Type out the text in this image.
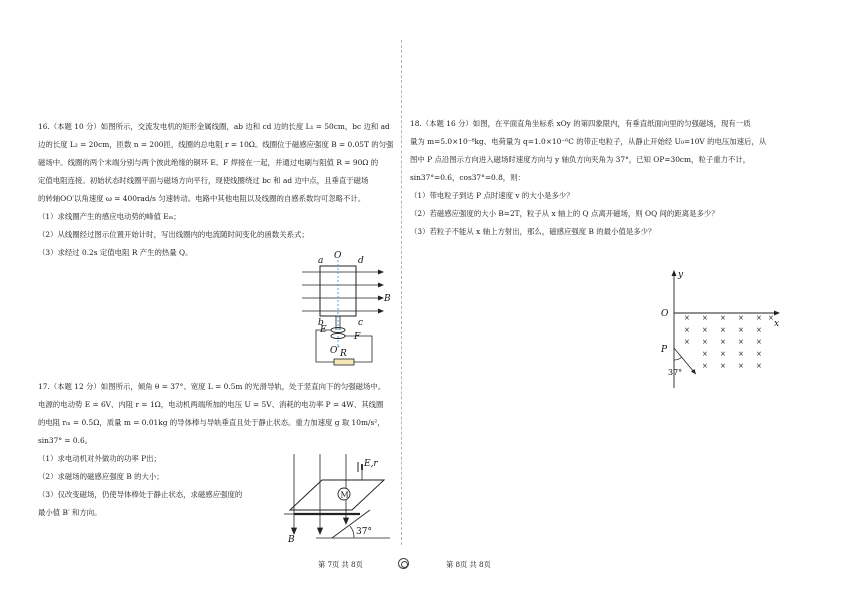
16.（本题 10 分）如图所示，交流发电机的矩形金属线圈，ab 边和 cd 边的长度 L₁ = 50cm，bc 边和 ad

边的长度 L₂ = 20cm，匝数 n = 200匝，线圈的总电阻 r = 10Ω。线圈位于磁感应强度 B = 0.05T 的匀强

磁场中。线圈的两个末端分别与两个彼此绝缘的铜环 E、F 焊接在一起，并通过电刷与阻值 R = 90Ω 的

定值电阻连接。初始状态时线圈平面与磁场方向平行，现使线圈绕过 bc 和 ad 边中点，且垂直于磁场

的转轴OO′以角速度 ω = 400rad/s 匀速转动。电路中其他电阻以及线圈的自感系数均可忽略不计。

（1）求线圈产生的感应电动势的峰值 Eₘ；

（2）从线圈经过图示位置开始计时，写出线圈内的电流随时间变化的函数关系式；

（3）求经过 0.2s 定值电阻 R 产生的热量 Q。

17.（本题 12 分）如图所示，倾角 θ = 37°、宽度 L = 0.5m 的光滑导轨，处于竖直向下的匀强磁场中。

电源的电动势 E = 6V、内阻 r = 1Ω，电动机两端所加的电压 U = 5V、消耗的电功率 P = 4W、其线圈

的电阻 rₘ = 0.5Ω，质量 m = 0.01kg 的导体棒与导轨垂直且处于静止状态。重力加速度 g 取 10m/s²，

sin37° = 0.6。

（1）求电动机对外做功的功率 P出；

（2）求磁场的磁感应强度 B 的大小；

（3）仅改变磁场，仍使导体棒处于静止状态，求磁感应强度的

最小值 B′ 和方向。

18.（本题 16 分）如图，在平面直角坐标系 xOy 的第四象限内，有垂直纸面向里的匀强磁场，现有一质

量为 m=5.0×10⁻⁸kg、电荷量为 q=1.0×10⁻⁶C 的带正电粒子，从静止开始经 U₀=10V 的电压加速后，从

图中 P 点沿图示方向进入磁场时速度方向与 y 轴负方向夹角为 37°，已知 OP=30cm，粒子重力不计，

sin37°=0.6，cos37°=0.8，则：

（1）带电粒子到达 P 点时速度 v 的大小是多少？

（2）若磁感应强度的大小 B=2T，粒子从 x 轴上的 Q 点离开磁场，则 OQ 间的距离是多少？

（3）若粒子不能从 x 轴上方射出，那么，磁感应强度 B 的最小值是多少？

a	d
O
b	c
B
E
F
O′ R
M
E,r
37°
B
y
x
O
P
× × × × × ×
× × × × ×
× × × × ×
× × × ×
× × × ×
37°
第 7页 共 8页	第 8页 共 8页
